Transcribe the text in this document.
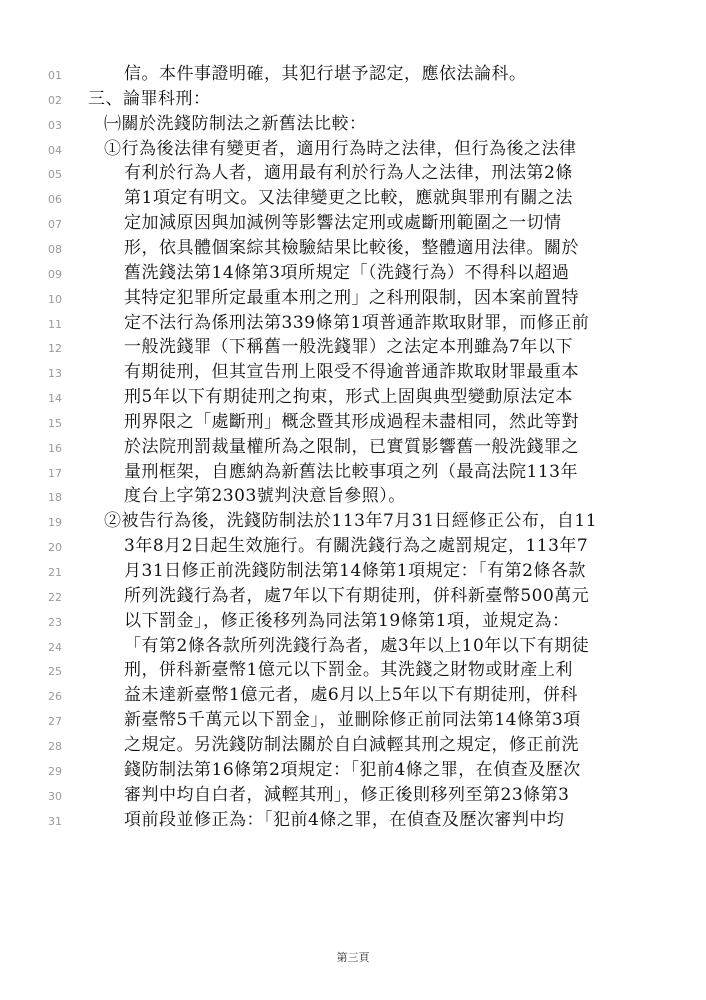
01	信。本件事證明確，其犯行堪予認定，應依法論科。
02	三、論罪科刑：
03	㈠關於洗錢防制法之新舊法比較：
04	①行為後法律有變更者，適用行為時之法律，但行為後之法律
05	有利於行為人者，適用最有利於行為人之法律，刑法第2條
06	第1項定有明文。又法律變更之比較，應就與罪刑有關之法
07	定加減原因與加減例等影響法定刑或處斷刑範圍之一切情
08	形，依具體個案綜其檢驗結果比較後，整體適用法律。關於
09	舊洗錢法第14條第3項所規定「（洗錢行為）不得科以超過
10	其特定犯罪所定最重本刑之刑」之科刑限制，因本案前置特
11	定不法行為係刑法第339條第1項普通詐欺取財罪，而修正前
12	一般洗錢罪（下稱舊一般洗錢罪）之法定本刑雖為7年以下
13	有期徒刑，但其宣告刑上限受不得逾普通詐欺取財罪最重本
14	刑5年以下有期徒刑之拘束，形式上固與典型變動原法定本
15	刑界限之「處斷刑」概念暨其形成過程未盡相同，然此等對
16	於法院刑罰裁量權所為之限制，已實質影響舊一般洗錢罪之
17	量刑框架，自應納為新舊法比較事項之列（最高法院113年
18	度台上字第2303號判決意旨參照）。
19	②被告行為後，洗錢防制法於113年7月31日經修正公布，自11
20	3年8月2日起生效施行。有關洗錢行為之處罰規定，113年7
21	月31日修正前洗錢防制法第14條第1項規定：「有第2條各款
22	所列洗錢行為者，處7年以下有期徒刑，併科新臺幣500萬元
23	以下罰金」，修正後移列為同法第19條第1項，並規定為：
24	「有第2條各款所列洗錢行為者，處3年以上10年以下有期徒
25	刑，併科新臺幣1億元以下罰金。其洗錢之財物或財產上利
26	益未達新臺幣1億元者，處6月以上5年以下有期徒刑，併科
27	新臺幣5千萬元以下罰金」，並刪除修正前同法第14條第3項
28	之規定。另洗錢防制法關於自白減輕其刑之規定，修正前洗
29	錢防制法第16條第2項規定：「犯前4條之罪，在偵查及歷次
30	審判中均自白者，減輕其刑」，修正後則移列至第23條第3
31	項前段並修正為：「犯前4條之罪，在偵查及歷次審判中均
第三頁
